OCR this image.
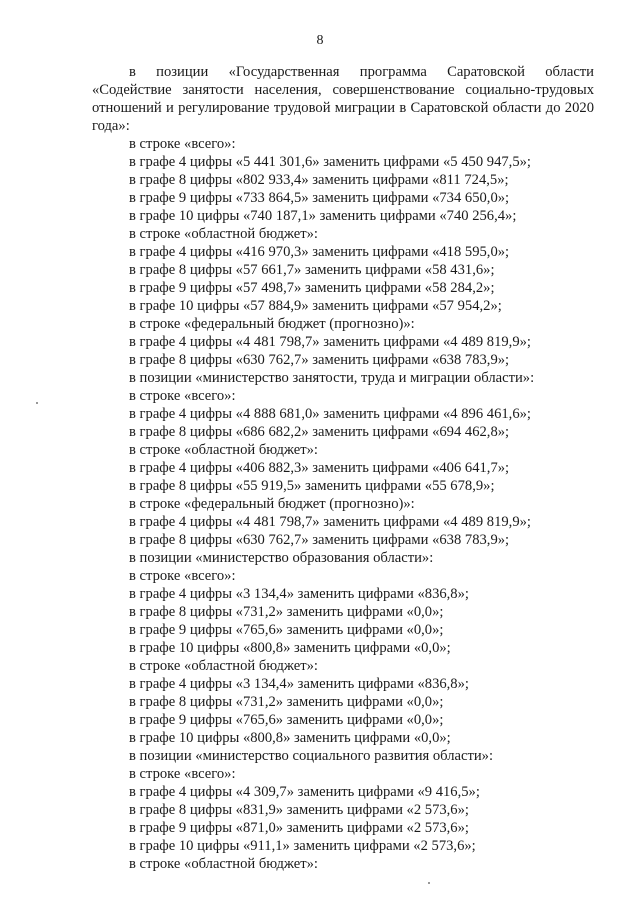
8

в позиции «Государственная программа Саратовской области «Содействие занятости населения, совершенствование социально-трудовых отношений и регулирование трудовой миграции в Саратовской области до 2020 года»:

в строке «всего»:

в графе 4 цифры «5 441 301,6» заменить цифрами «5 450 947,5»;

в графе 8 цифры «802 933,4» заменить цифрами «811 724,5»;

в графе 9 цифры «733 864,5» заменить цифрами «734 650,0»;

в графе 10 цифры «740 187,1» заменить цифрами «740 256,4»;

в строке «областной бюджет»:

в графе 4 цифры «416 970,3» заменить цифрами «418 595,0»;

в графе 8 цифры «57 661,7» заменить цифрами «58 431,6»;

в графе 9 цифры «57 498,7» заменить цифрами «58 284,2»;

в графе 10 цифры «57 884,9» заменить цифрами «57 954,2»;

в строке «федеральный бюджет (прогнозно)»:

в графе 4 цифры «4 481 798,7» заменить цифрами «4 489 819,9»;

в графе 8 цифры «630 762,7» заменить цифрами «638 783,9»;

в позиции «министерство занятости, труда и миграции области»:

в строке «всего»:

в графе 4 цифры «4 888 681,0» заменить цифрами «4 896 461,6»;

в графе 8 цифры «686 682,2» заменить цифрами «694 462,8»;

в строке «областной бюджет»:

в графе 4 цифры «406 882,3» заменить цифрами «406 641,7»;

в графе 8 цифры «55 919,5» заменить цифрами «55 678,9»;

в строке «федеральный бюджет (прогнозно)»:

в графе 4 цифры «4 481 798,7» заменить цифрами «4 489 819,9»;

в графе 8 цифры «630 762,7» заменить цифрами «638 783,9»;

в позиции «министерство образования области»:

в строке «всего»:

в графе 4 цифры «3 134,4» заменить цифрами «836,8»;

в графе 8 цифры «731,2» заменить цифрами «0,0»;

в графе 9 цифры «765,6» заменить цифрами «0,0»;

в графе 10 цифры «800,8» заменить цифрами «0,0»;

в строке «областной бюджет»:

в графе 4 цифры «3 134,4» заменить цифрами «836,8»;

в графе 8 цифры «731,2» заменить цифрами «0,0»;

в графе 9 цифры «765,6» заменить цифрами «0,0»;

в графе 10 цифры «800,8» заменить цифрами «0,0»;

в позиции «министерство социального развития области»:

в строке «всего»:

в графе 4 цифры «4 309,7» заменить цифрами «9 416,5»;

в графе 8 цифры «831,9» заменить цифрами «2 573,6»;

в графе 9 цифры «871,0» заменить цифрами «2 573,6»;

в графе 10 цифры «911,1» заменить цифрами «2 573,6»;

в строке «областной бюджет»:
